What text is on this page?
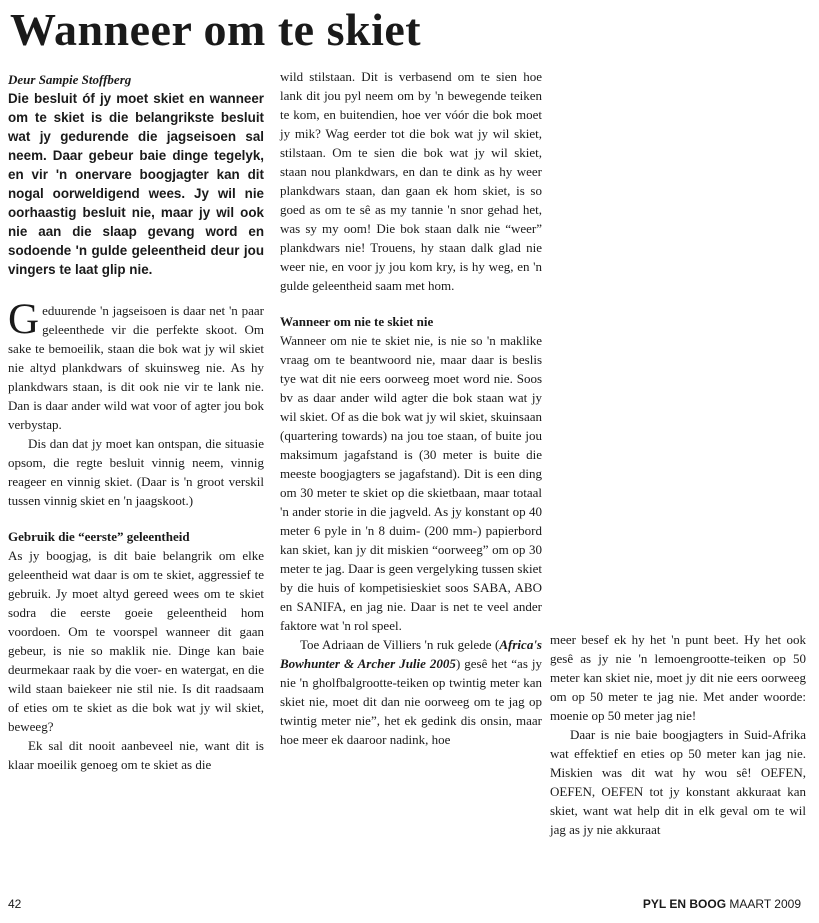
Wanneer om te skiet

Deur Sampie Stoffberg

Die besluit óf jy moet skiet en wanneer om te skiet is die belangrikste besluit wat jy gedurende die jagseisoen sal neem. Daar gebeur baie dinge tegelyk, en vir 'n onervare boogjagter kan dit nogal oorweldigend wees. Jy wil nie oorhaastig besluit nie, maar jy wil ook nie aan die slaap gevang word en sodoende 'n gulde geleentheid deur jou vingers te laat glip nie.

Geduurende 'n jagseisoen is daar net 'n paar geleenthede vir die perfekte skoot. Om sake te bemoeilik, staan die bok wat jy wil skiet nie altyd plankdwars of skuinsweg nie. As hy plankdwars staan, is dit ook nie vir te lank nie. Dan is daar ander wild wat voor of agter jou bok verbystap.

Dis dan dat jy moet kan ontspan, die situasie opsom, die regte besluit vinnig neem, vinnig reageer en vinnig skiet. (Daar is 'n groot verskil tussen vinnig skiet en 'n jaagskoot.)

Gebruik die “eerste” geleentheid

As jy boogjag, is dit baie belangrik om elke geleentheid wat daar is om te skiet, aggressief te gebruik. Jy moet altyd gereed wees om te skiet sodra die eerste goeie geleentheid hom voordoen. Om te voorspel wanneer dit gaan gebeur, is nie so maklik nie. Dinge kan baie deurmekaar raak by die voer- en watergat, en die wild staan baiekeer nie stil nie. Is dit raadsaam of eties om te skiet as die bok wat jy wil skiet, beweeg?

Ek sal dit nooit aanbeveel nie, want dit is klaar moeilik genoeg om te skiet as die

wild stilstaan. Dit is verbasend om te sien hoe lank dit jou pyl neem om by 'n bewegende teiken te kom, en buitendien, hoe ver vóór die bok moet jy mik? Wag eerder tot die bok wat jy wil skiet, stilstaan. Om te sien die bok wat jy wil skiet, staan nou plankdwars, en dan te dink as hy weer plankdwars staan, dan gaan ek hom skiet, is so goed as om te sê as my tannie 'n snor gehad het, was sy my oom! Die bok staan dalk nie “weer” plankdwars nie! Trouens, hy staan dalk glad nie weer nie, en voor jy jou kom kry, is hy weg, en 'n gulde geleentheid saam met hom.

Wanneer om nie te skiet nie

Wanneer om nie te skiet nie, is nie so 'n maklike vraag om te beantwoord nie, maar daar is beslis tye wat dit nie eers oorweeg moet word nie. Soos bv as daar ander wild agter die bok staan wat jy wil skiet. Of as die bok wat jy wil skiet, skuinsaan (quartering towards) na jou toe staan, of buite jou maksimum jagafstand is (30 meter is buite die meeste boogjagters se jagafstand). Dit is een ding om 30 meter te skiet op die skietbaan, maar totaal 'n ander storie in die jagveld. As jy konstant op 40 meter 6 pyle in 'n 8 duim- (200 mm-) papierbord kan skiet, kan jy dit miskien “oorweeg” om op 30 meter te jag. Daar is geen vergelyking tussen skiet by die huis of kompetisieskiet soos SABA, ABO en SANIFA, en jag nie. Daar is net te veel ander faktore wat 'n rol speel.

Toe Adriaan de Villiers 'n ruk gelede (Africa's Bowhunter & Archer Julie 2005) gesê het “as jy nie 'n gholfbalgrootte-teiken op twintig meter kan skiet nie, moet dit dan nie oorweeg om te jag op twintig meter nie”, het ek gedink dis onsin, maar hoe meer ek daaroor nadink, hoe

meer besef ek hy het 'n punt beet. Hy het ook gesê as jy nie 'n lemoengrootte-teiken op 50 meter kan skiet nie, moet jy dit nie eers oorweeg om op 50 meter te jag nie. Met ander woorde: moenie op 50 meter jag nie!

Daar is nie baie boogjagters in Suid-Afrika wat effektief en eties op 50 meter kan jag nie. Miskien was dit wat hy wou sê! OEFEN, OEFEN, OEFEN tot jy konstant akkuraat kan skiet, want wat help dit in elk geval om te wil jag as jy nie akkuraat

42	PYL EN BOOG MAART 2009
